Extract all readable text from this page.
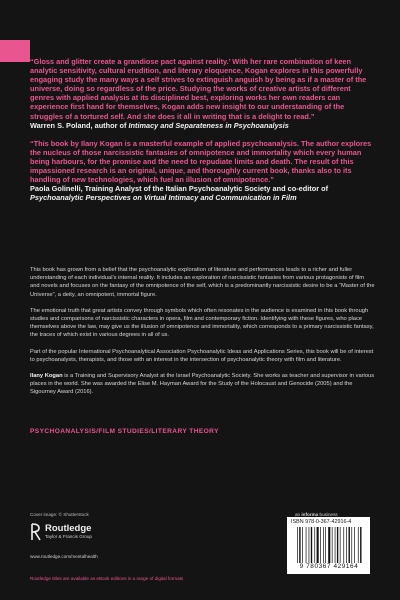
“Gloss and glitter create a grandiose pact against reality.’ With her rare combination of keen analytic sensitivity, cultural erudition, and literary eloquence, Kogan explores in this powerfully engaging study the many ways a self strives to extinguish anguish by being as if a master of the universe, doing so regardless of the price. Studying the works of creative artists of different genres with applied analysis at its disciplined best, exploring works her own readers can experience first hand for themselves, Kogan adds new insight to our understanding of the struggles of a tortured self. And she does it all in writing that is a delight to read.”

Warren S. Poland, author of Intimacy and Separateness in Psychoanalysis

“This book by Ilany Kogan is a masterful example of applied psychoanalysis. The author explores the nucleus of those narcissistic fantasies of omnipotence and immortality which every human being harbours, for the promise and the need to repudiate limits and death. The result of this impassioned research is an original, unique, and thoroughly current book, thanks also to its handling of new technologies, which fuel an illusion of omnipotence.”

Paola Golinelli, Training Analyst of the Italian Psychoanalytic Society and co-editor of Psychoanalytic Perspectives on Virtual Intimacy and Communication in Film

This book has grown from a belief that the psychoanalytic exploration of literature and performances leads to a richer and fuller understanding of each individual’s internal reality. It includes an exploration of narcissistic fantasies from various protagonists of film and novels and focuses on the fantasy of the omnipotence of the self, which is a predominantly narcissistic desire to be a “Master of the Universe”, a deity, an omnipotent, immortal figure.

The emotional truth that great artists convey through symbols which often resonates in the audience is examined in this book through studies and comparisons of narcissistic characters in opera, film and contemporary fiction. Identifying with these figures, who place themselves above the law, may give us the illusion of omnipotence and immortality, which corresponds to a primary narcissistic fantasy, the traces of which exist in various degrees in all of us.

Part of the popular International Psychoanalytical Association Psychoanalytic Ideas and Applications Series, this book will be of interest to psychoanalysts, therapists, and those with an interest in the intersection of psychoanalytic theory with film and literature.

Ilany Kogan is a Training and Supervisory Analyst at the Israel Psychoanalytic Society. She works as teacher and supervisor in various places in the world. She was awarded the Elise M. Hayman Award for the Study of the Holocaust and Genocide (2005) and the Sigourney Award (2016).

PSYCHOANALYSIS/FILM STUDIES/LITERARY THEORY
Cover image: © Shutterstock
Routledge
Taylor & Francis Group
www.routledge.com/mentalhealth
Routledge titles are available as eBook editions in a range of digital formats
an informa business
ISBN 978-0-367-42916-4
9 780367 429164
